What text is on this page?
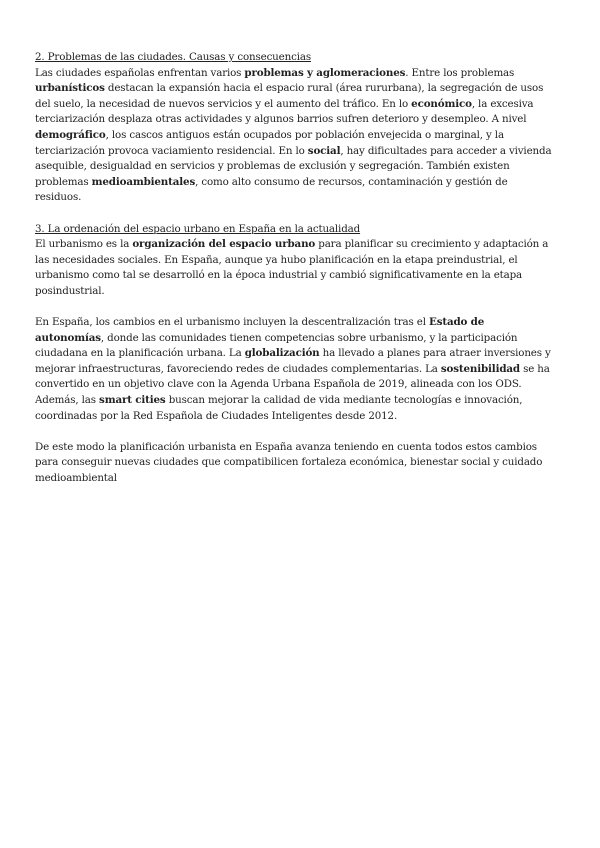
2. Problemas de las ciudades. Causas y consecuencias

Las ciudades españolas enfrentan varios problemas y aglomeraciones. Entre los problemas urbanísticos destacan la expansión hacia el espacio rural (área rururbana), la segregación de usos del suelo, la necesidad de nuevos servicios y el aumento del tráfico. En lo económico, la excesiva terciarización desplaza otras actividades y algunos barrios sufren deterioro y desempleo. A nivel demográfico, los cascos antiguos están ocupados por población envejecida o marginal, y la terciarización provoca vaciamiento residencial. En lo social, hay dificultades para acceder a vivienda asequible, desigualdad en servicios y problemas de exclusión y segregación. También existen problemas medioambientales, como alto consumo de recursos, contaminación y gestión de residuos.

3. La ordenación del espacio urbano en España en la actualidad

El urbanismo es la organización del espacio urbano para planificar su crecimiento y adaptación a las necesidades sociales. En España, aunque ya hubo planificación en la etapa preindustrial, el urbanismo como tal se desarrolló en la época industrial y cambió significativamente en la etapa posindustrial.

En España, los cambios en el urbanismo incluyen la descentralización tras el Estado de autonomías, donde las comunidades tienen competencias sobre urbanismo, y la participación ciudadana en la planificación urbana. La globalización ha llevado a planes para atraer inversiones y mejorar infraestructuras, favoreciendo redes de ciudades complementarias. La sostenibilidad se ha convertido en un objetivo clave con la Agenda Urbana Española de 2019, alineada con los ODS. Además, las smart cities buscan mejorar la calidad de vida mediante tecnologías e innovación, coordinadas por la Red Española de Ciudades Inteligentes desde 2012.

De este modo la planificación urbanista en España avanza teniendo en cuenta todos estos cambios para conseguir nuevas ciudades que compatibilicen fortaleza económica, bienestar social y cuidado medioambiental
